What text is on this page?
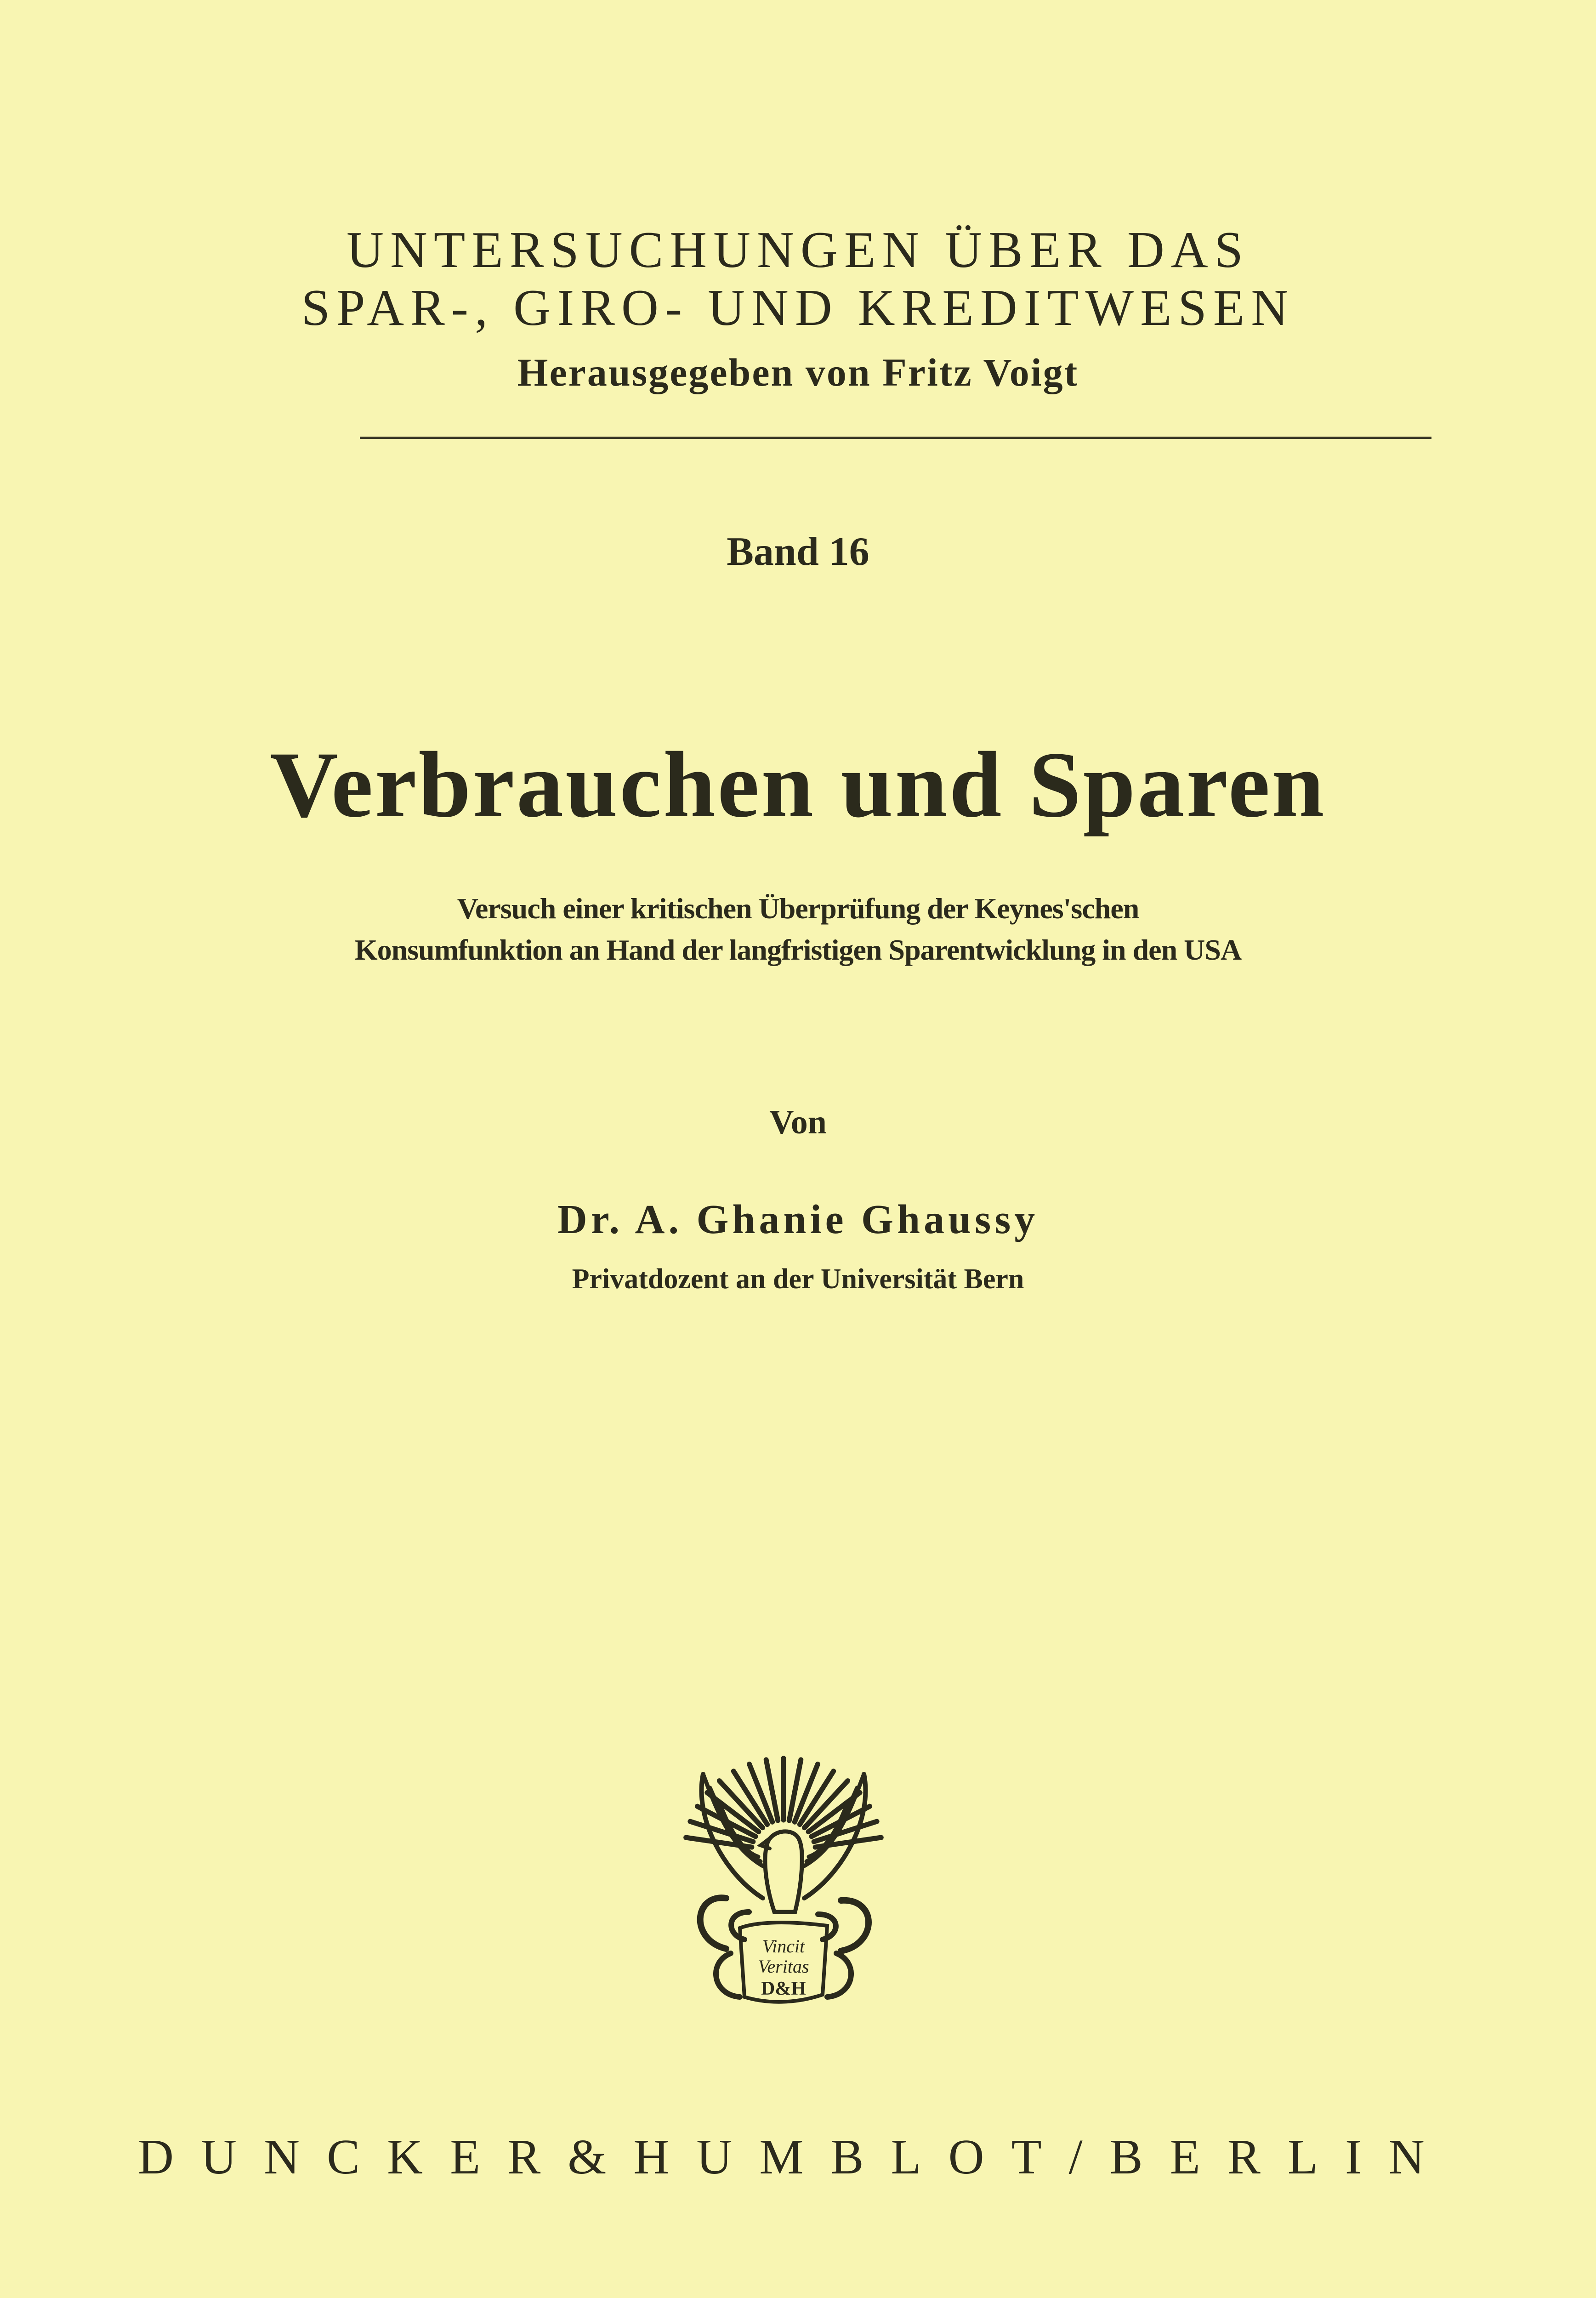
UNTERSUCHUNGEN ÜBER DAS
SPAR-, GIRO- UND KREDITWESEN
Herausgegeben von Fritz Voigt
Band 16
Verbrauchen und Sparen
Versuch einer kritischen Überprüfung der Keynes'schen
Konsumfunktion an Hand der langfristigen Sparentwicklung in den USA
Von
Dr. A. Ghanie Ghaussy
Privatdozent an der Universität Bern
Vincit
Veritas
D&H
D U N C K E R & H U M B L O T / B E R L I N
